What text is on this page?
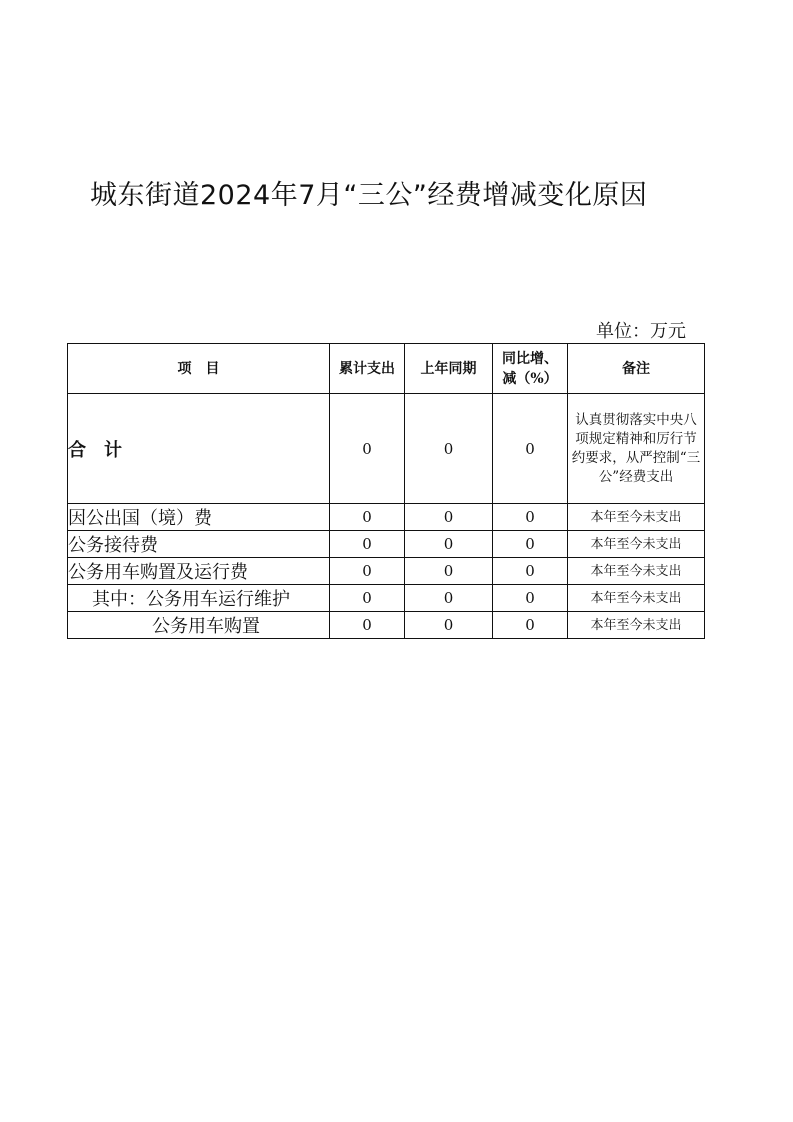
城东街道2024年7月“三公”经费增减变化原因
单位：万元
项　目	累计支出	上年同期	同比增、减（%）	备注
合　计	0	0	0	认真贯彻落实中央八项规定精神和厉行节约要求，从严控制“三公”经费支出
因公出国（境）费	0	0	0	本年至今未支出
公务接待费	0	0	0	本年至今未支出
公务用车购置及运行费	0	0	0	本年至今未支出
其中：公务用车运行维护	0	0	0	本年至今未支出
公务用车购置	0	0	0	本年至今未支出
